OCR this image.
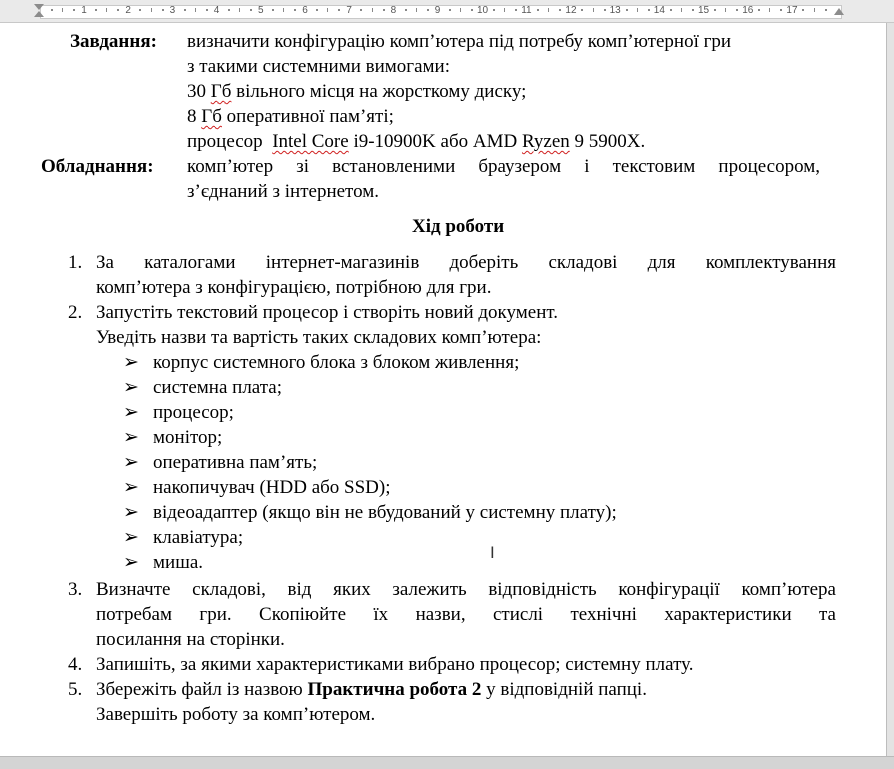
1	2	3	4	5	6	7	8	9	10	11	12	13	14	15	16	17
Завдання: визначити конфігурацію комп’ютера під потребу комп’ютерної гри
з такими системними вимогами:
30 Гб вільного місця на жорсткому диску;
8 Гб оперативної пам’яті;
процесор  Intel Core i9-10900K або AMD Ryzen 9 5900X.
Обладнання: комп’ютер зі встановленими браузером і текстовим процесором,
з’єднаний з інтернетом.
Хід роботи
1. За каталогами інтернет-магазинів доберіть складові для комплектування
комп’ютера з конфігурацією, потрібною для гри.
2. Запустіть текстовий процесор і створіть новий документ.
Уведіть назви та вартість таких складових комп’ютера:
➢ корпус системного блока з блоком живлення;
➢ системна плата;
➢ процесор;
➢ монітор;
➢ оперативна пам’ять;
➢ накопичувач (HDD або SSD);
➢ відеоадаптер (якщо він не вбудований у системну плату);
➢ клавіатура;
➢ миша.
3. Визначте складові, від яких залежить відповідність конфігурації комп’ютера
потребам гри. Скопіюйте їх назви, стислі технічні характеристики та
посилання на сторінки.
4. Запишіть, за якими характеристиками вибрано процесор; системну плату.
5. Збережіть файл із назвою Практична робота 2 у відповідній папці.
Завершіть роботу за комп’ютером.
I
